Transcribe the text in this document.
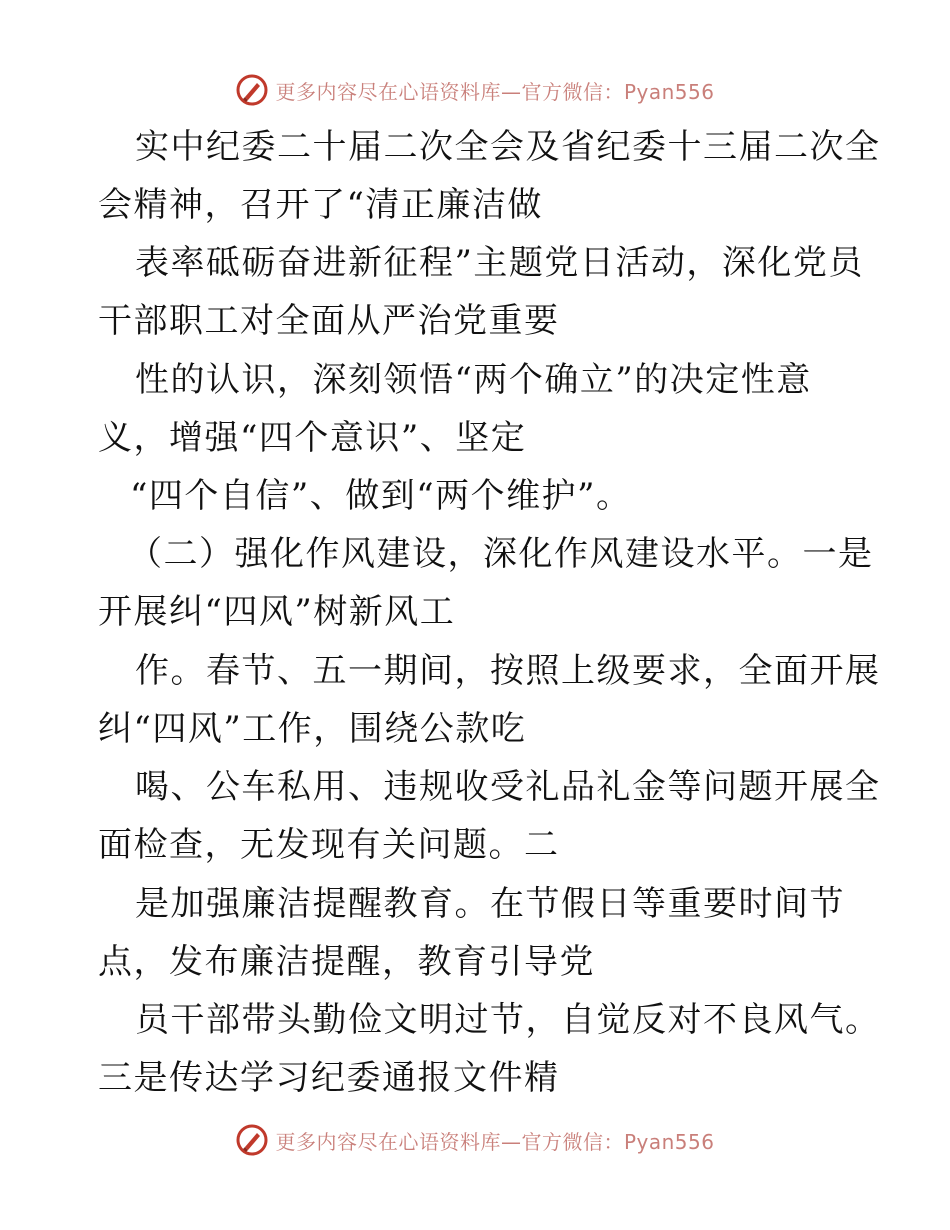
更多内容尽在心语资料库—官方微信：Pyan556
实中纪委二十届二次全会及省纪委十三届二次全
会精神，召开了“清正廉洁做
表率砥砺奋进新征程”主题党日活动，深化党员
干部职工对全面从严治党重要
性的认识，深刻领悟“两个确立”的决定性意
义，增强“四个意识”、坚定
“四个自信”、做到“两个维护”。
（二）强化作风建设，深化作风建设水平。一是
开展纠“四风”树新风工
作。春节、五一期间，按照上级要求，全面开展
纠“四风”工作，围绕公款吃
喝、公车私用、违规收受礼品礼金等问题开展全
面检查，无发现有关问题。二
是加强廉洁提醒教育。在节假日等重要时间节
点，发布廉洁提醒，教育引导党
员干部带头勤俭文明过节，自觉反对不良风气。
三是传达学习纪委通报文件精
更多内容尽在心语资料库—官方微信：Pyan556
